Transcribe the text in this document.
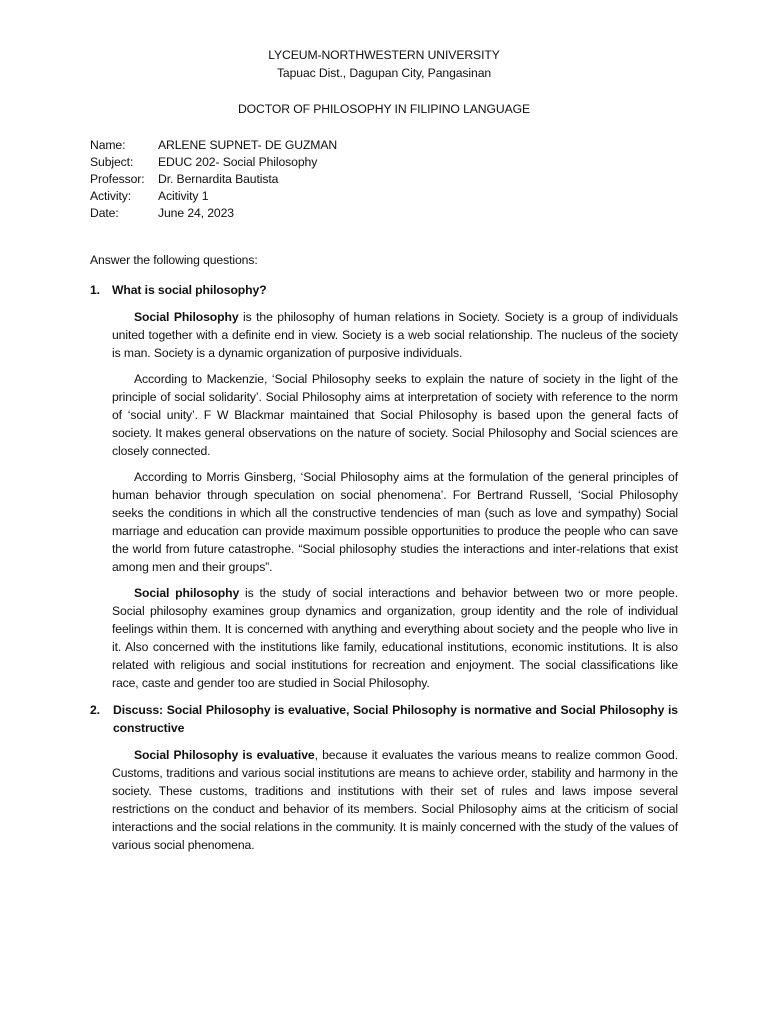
LYCEUM-NORTHWESTERN UNIVERSITY

Tapuac Dist., Dagupan City, Pangasinan

DOCTOR OF PHILOSOPHY IN FILIPINO LANGUAGE

Name:	ARLENE SUPNET- DE GUZMAN
Subject:	EDUC 202- Social Philosophy
Professor:	Dr. Bernardita Bautista
Activity:	Acitivity 1
Date:	June 24, 2023

Answer the following questions:

1. What is social philosophy?

Social Philosophy is the philosophy of human relations in Society. Society is a group of individuals united together with a definite end in view. Society is a web social relationship. The nucleus of the society is man. Society is a dynamic organization of purposive individuals.

According to Mackenzie, ‘Social Philosophy seeks to explain the nature of society in the light of the principle of social solidarity’. Social Philosophy aims at interpretation of society with reference to the norm of ‘social unity’. F W Blackmar maintained that Social Philosophy is based upon the general facts of society. It makes general observations on the nature of society. Social Philosophy and Social sciences are closely connected.

According to Morris Ginsberg, ‘Social Philosophy aims at the formulation of the general principles of human behavior through speculation on social phenomena’. For Bertrand Russell, ‘Social Philosophy seeks the conditions in which all the constructive tendencies of man (such as love and sympathy) Social marriage and education can provide maximum possible opportunities to produce the people who can save the world from future catastrophe. “Social philosophy studies the interactions and inter-relations that exist among men and their groups”.

Social philosophy is the study of social interactions and behavior between two or more people. Social philosophy examines group dynamics and organization, group identity and the role of individual feelings within them. It is concerned with anything and everything about society and the people who live in it. Also concerned with the institutions like family, educational institutions, economic institutions. It is also related with religious and social institutions for recreation and enjoyment. The social classifications like race, caste and gender too are studied in Social Philosophy.

2.	Discuss: Social Philosophy is evaluative, Social Philosophy is normative and Social Philosophy is constructive

Social Philosophy is evaluative, because it evaluates the various means to realize common Good. Customs, traditions and various social institutions are means to achieve order, stability and harmony in the society. These customs, traditions and institutions with their set of rules and laws impose several restrictions on the conduct and behavior of its members. Social Philosophy aims at the criticism of social interactions and the social relations in the community. It is mainly concerned with the study of the values of various social phenomena.
